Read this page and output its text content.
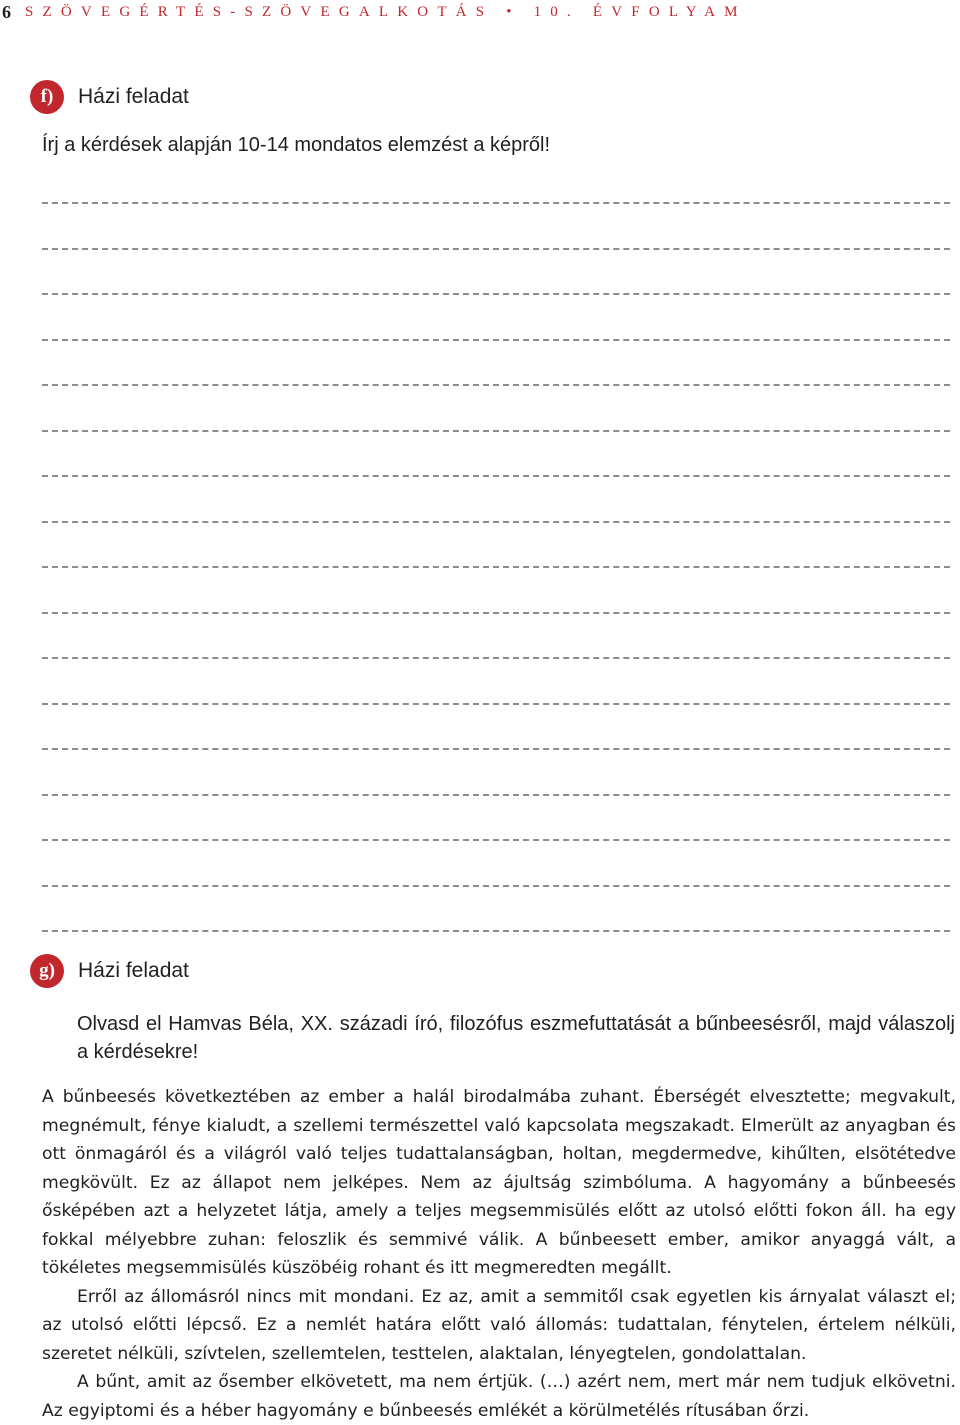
6 SZÖVEGÉRTÉS-SZÖVEGALKOTÁS • 10. ÉVFOLYAM
f)	Házi feladat
Írj a kérdések alapján 10-14 mondatos elemzést a képről!
g)	Házi feladat
Olvasd el Hamvas Béla, XX. századi író, filozófus eszmefuttatását a bűnbeesésről, majd válaszolj a kérdésekre!

A bűnbeesés következtében az ember a halál birodalmába zuhant. Éberségét elvesztette; megvakult, megnémult, fénye kialudt, a szellemi természettel való kapcsolata megszakadt. Elmerült az anyagban és ott önmagáról és a világról való teljes tudattalanságban, holtan, megdermedve, kihűlten, elsötétedve megkövült. Ez az állapot nem jelképes. Nem az ájultság szimbóluma. A hagyomány a bűnbeesés ősképében azt a helyzetet látja, amely a teljes megsemmisülés előtt az utolsó előtti fokon áll. ha egy fokkal mélyebbre zuhan: feloszlik és semmivé válik. A bűnbeesett ember, amikor anyaggá vált, a tökéletes megsemmisülés küszöbéig rohant és itt megmeredten megállt.

Erről az állomásról nincs mit mondani. Ez az, amit a semmitől csak egyetlen kis árnyalat választ el; az utolsó előtti lépcső. Ez a nemlét határa előtt való állomás: tudattalan, fénytelen, értelem nélküli, szeretet nélküli, szívtelen, szellemtelen, testtelen, alaktalan, lényegtelen, gondolattalan.

A bűnt, amit az ősember elkövetett, ma nem értjük. (…) azért nem, mert már nem tudjuk elkövetni. Az egyiptomi és a héber hagyomány e bűnbeesés emlékét a körülmetélés rítusában őrzi.
